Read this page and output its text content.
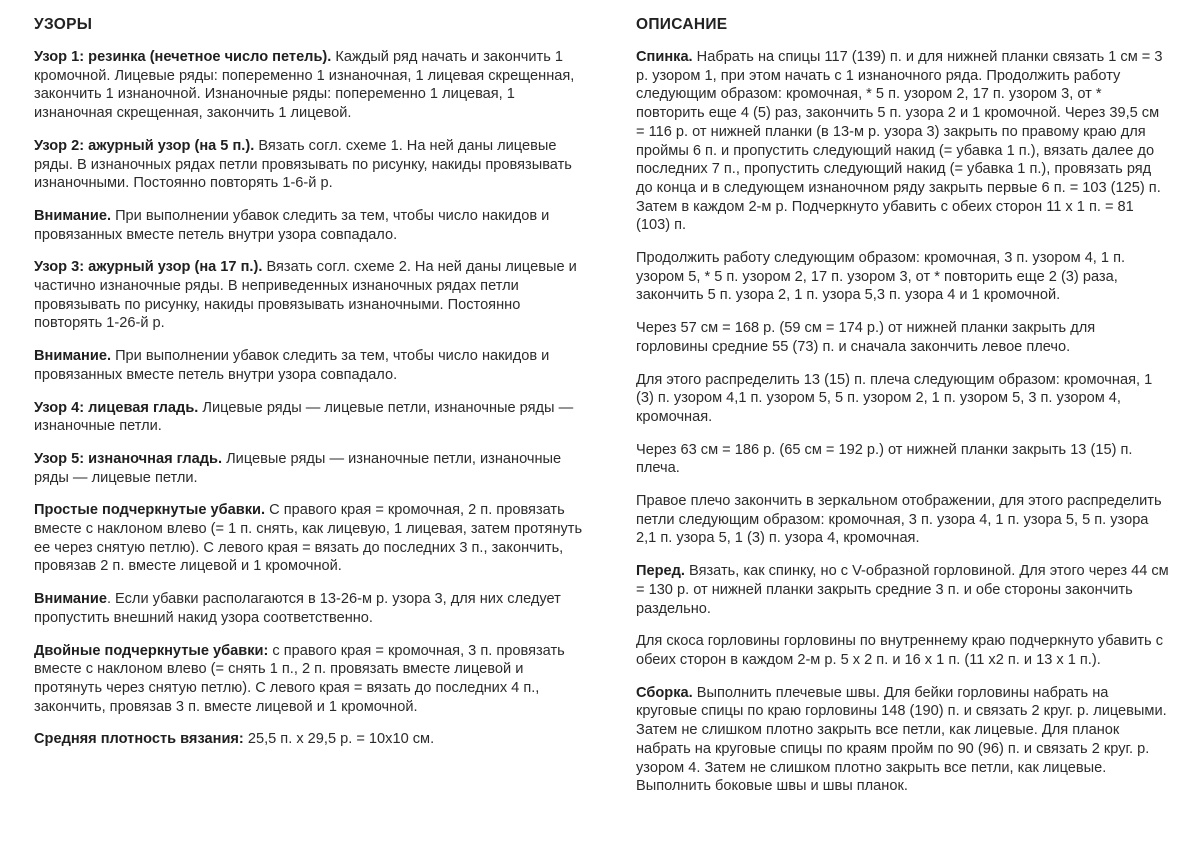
УЗОРЫ

Узор 1: резинка (нечетное число петель). Каждый ряд начать и закончить 1 кромочной. Лицевые ряды: попеременно 1 изнаночная, 1 лицевая скрещенная, закончить 1 изнаночной. Изнаночные ряды: попеременно 1 лицевая, 1 изнаночная скрещенная, закончить 1 лицевой.

Узор 2: ажурный узор (на 5 п.). Вязать согл. схеме 1. На ней даны лицевые ряды. В изнаночных рядах петли провязывать по рисунку, накиды провязывать изнаночными. Постоянно повторять 1-6-й р.

Внимание. При выполнении убавок следить за тем, чтобы число накидов и провязанных вместе петель внутри узора совпадало.

Узор 3: ажурный узор (на 17 п.). Вязать согл. схеме 2. На ней даны лицевые и частично изнаночные ряды. В неприведенных изнаночных рядах петли провязывать по рисунку, накиды провязывать изнаночными. Постоянно повторять 1-26-й р.

Внимание. При выполнении убавок следить за тем, чтобы число накидов и провязанных вместе петель внутри узора совпадало.

Узор 4: лицевая гладь. Лицевые ряды — лицевые петли, изнаночные ряды — изнаночные петли.

Узор 5: изнаночная гладь. Лицевые ряды — изнаночные петли, изнаночные ряды — лицевые петли.

Простые подчеркнутые убавки. С правого края = кромочная, 2 п. провязать вместе с наклоном влево (= 1 п. снять, как лицевую, 1 лицевая, затем протянуть ее через снятую петлю). С левого края = вязать до последних 3 п., закончить, провязав 2 п. вместе лицевой и 1 кромочной.

Внимание. Если убавки располагаются в 13-26-м р. узора 3, для них следует пропустить внешний накид узора соответственно.

Двойные подчеркнутые убавки: с правого края = кромочная, 3 п. провязать вместе с наклоном влево (= снять 1 п., 2 п. провязать вместе лицевой и протянуть через снятую петлю). С левого края = вязать до последних 4 п., закончить, провязав 3 п. вместе лицевой и 1 кромочной.

Средняя плотность вязания: 25,5 п. х 29,5 р. = 10х10 см.

ОПИСАНИЕ

Спинка. Набрать на спицы 117 (139) п. и для нижней планки связать 1 см = 3 р. узором 1, при этом начать с 1 изнаночного ряда. Продолжить работу следующим образом: кромочная, * 5 п. узором 2, 17 п. узором 3, от * повторить еще 4 (5) раз, закончить 5 п. узора 2 и 1 кромочной. Через 39,5 см = 116 р. от нижней планки (в 13-м р. узора 3) закрыть по правому краю для проймы 6 п. и пропустить следующий накид (= убавка 1 п.), вязать далее до последних 7 п., пропустить следующий накид (= убавка 1 п.), провязать ряд до конца и в следующем изнаночном ряду закрыть первые 6 п. = 103 (125) п. Затем в каждом 2-м р. Подчеркнуто убавить с обеих сторон 11 х 1 п. = 81 (103) п.

Продолжить работу следующим образом: кромочная, 3 п. узором 4, 1 п. узором 5, * 5 п. узором 2, 17 п. узором 3, от * повторить еще 2 (3) раза, закончить 5 п. узора 2, 1 п. узора 5,3 п. узора 4 и 1 кромочной.

Через 57 см = 168 р. (59 см = 174 р.) от нижней планки закрыть для горловины средние 55 (73) п. и сначала закончить левое плечо.

Для этого распределить 13 (15) п. плеча следующим образом: кромочная, 1 (3) п. узором 4,1 п. узором 5, 5 п. узором 2, 1 п. узором 5, 3 п. узором 4, кромочная.

Через 63 см = 186 р. (65 см = 192 р.) от нижней планки закрыть 13 (15) п. плеча.

Правое плечо закончить в зеркальном отображении, для этого распределить петли следующим образом: кромочная, 3 п. узора 4, 1 п. узора 5, 5 п. узора 2,1 п. узора 5, 1 (3) п. узора 4, кромочная.

Перед. Вязать, как спинку, но с V-образной горловиной. Для этого через 44 см = 130 р. от нижней планки закрыть средние 3 п. и обе стороны закончить раздельно.

Для скоса горловины горловины по внутреннему краю подчеркнуто убавить с обеих сторон в каждом 2-м р. 5 х 2 п. и 16 х 1 п. (11 х2 п. и 13 х 1 п.).

Сборка. Выполнить плечевые швы. Для бейки горловины набрать на круговые спицы по краю горловины 148 (190) п. и связать 2 круг. р. лицевыми. Затем не слишком плотно закрыть все петли, как лицевые. Для планок набрать на круговые спицы по краям пройм по 90 (96) п. и связать 2 круг. р. узором 4. Затем не слишком плотно закрыть все петли, как лицевые. Выполнить боковые швы и швы планок.
